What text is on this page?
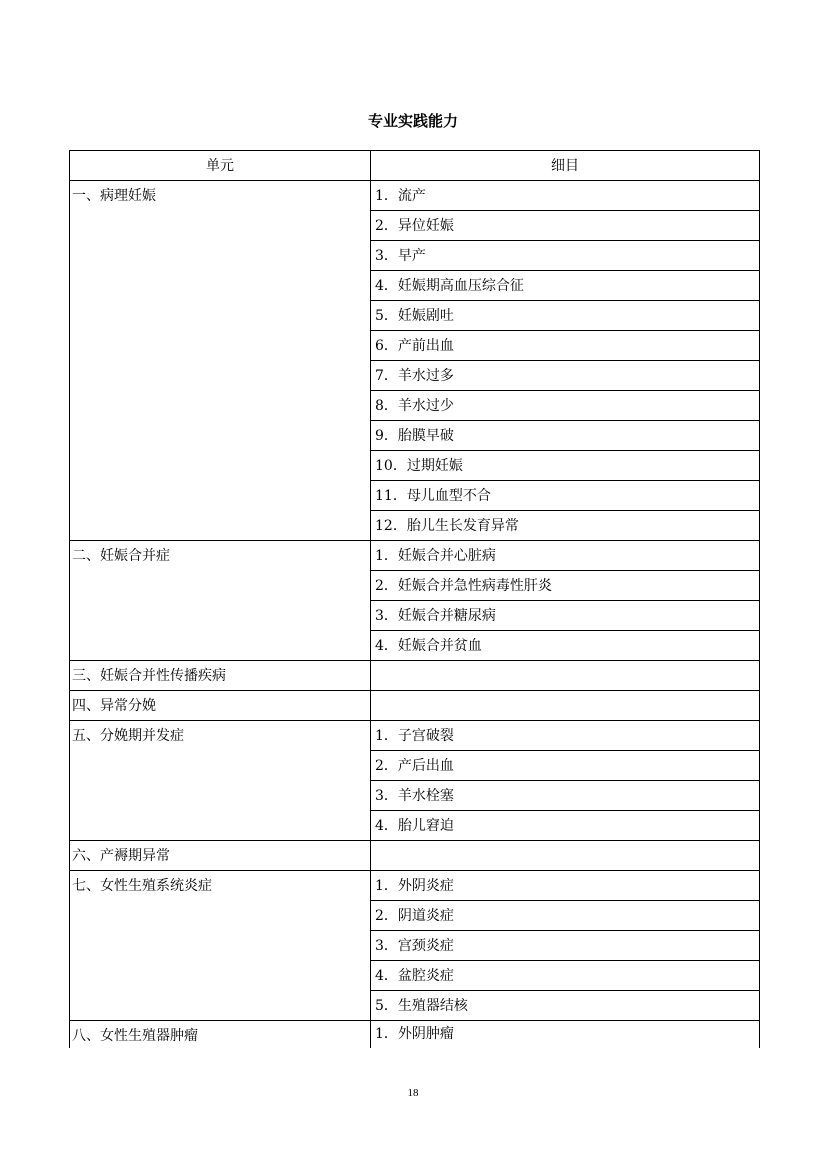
专业实践能力
单元	细目
一、病理妊娠	1．流产
	2．异位妊娠
	3．早产
	4．妊娠期高血压综合征
	5．妊娠剧吐
	6．产前出血
	7．羊水过多
	8．羊水过少
	9．胎膜早破
	10．过期妊娠
	11．母儿血型不合
	12．胎儿生长发育异常
二、妊娠合并症	1．妊娠合并心脏病
	2．妊娠合并急性病毒性肝炎
	3．妊娠合并糖尿病
	4．妊娠合并贫血
三、妊娠合并性传播疾病	
四、异常分娩	
五、分娩期并发症	1．子宫破裂
	2．产后出血
	3．羊水栓塞
	4．胎儿窘迫
六、产褥期异常	
七、女性生殖系统炎症	1．外阴炎症
	2．阴道炎症
	3．宫颈炎症
	4．盆腔炎症
	5．生殖器结核
八、女性生殖器肿瘤	1．外阴肿瘤
18
